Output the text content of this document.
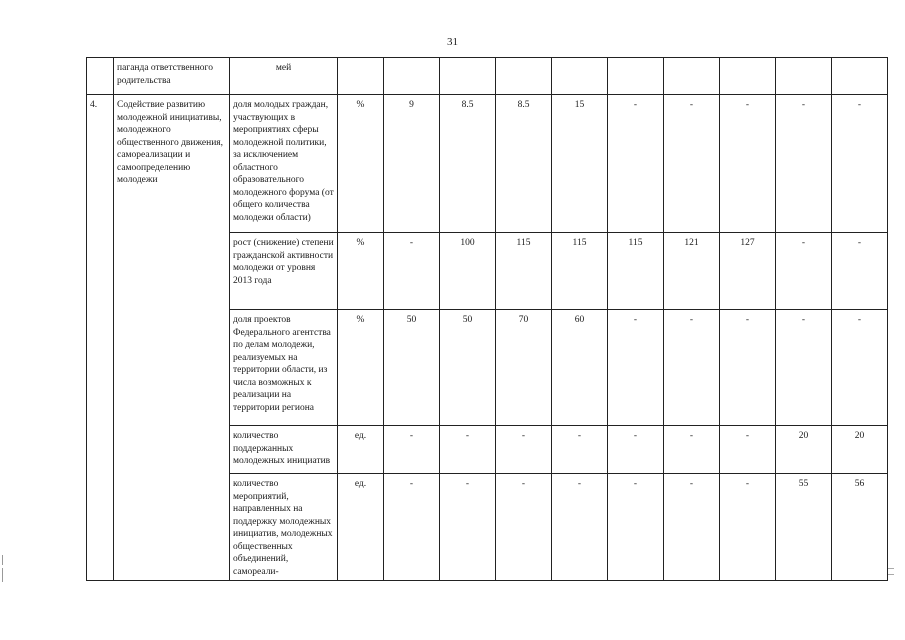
31
	паганда ответственного родительства	мей										
4.	Содействие развитию молодежной инициативы, молодежного общественного движения, самореализации и самоопределению молодежи	доля молодых граждан, участвующих в мероприятиях сферы молодежной политики, за исключением областного образовательного молодежного форума (от общего количества молодежи области)	%	9	8.5	8.5	15	-	-	-	-	-
		рост (снижение) степени гражданской активности молодежи от уровня 2013 года	%	-	100	115	115	115	121	127	-	-
		доля проектов Федерального агентства по делам молодежи, реализуемых на территории области, из числа возможных к реализации на территории региона	%	50	50	70	60	-	-	-	-	-
		количество поддержанных молодежных инициатив	ед.	-	-	-	-	-	-	-	20	20
		количество мероприятий, направленных на поддержку молодежных инициатив, молодежных общественных объединений, самореали-	ед.	-	-	-	-	-	-	-	55	56
